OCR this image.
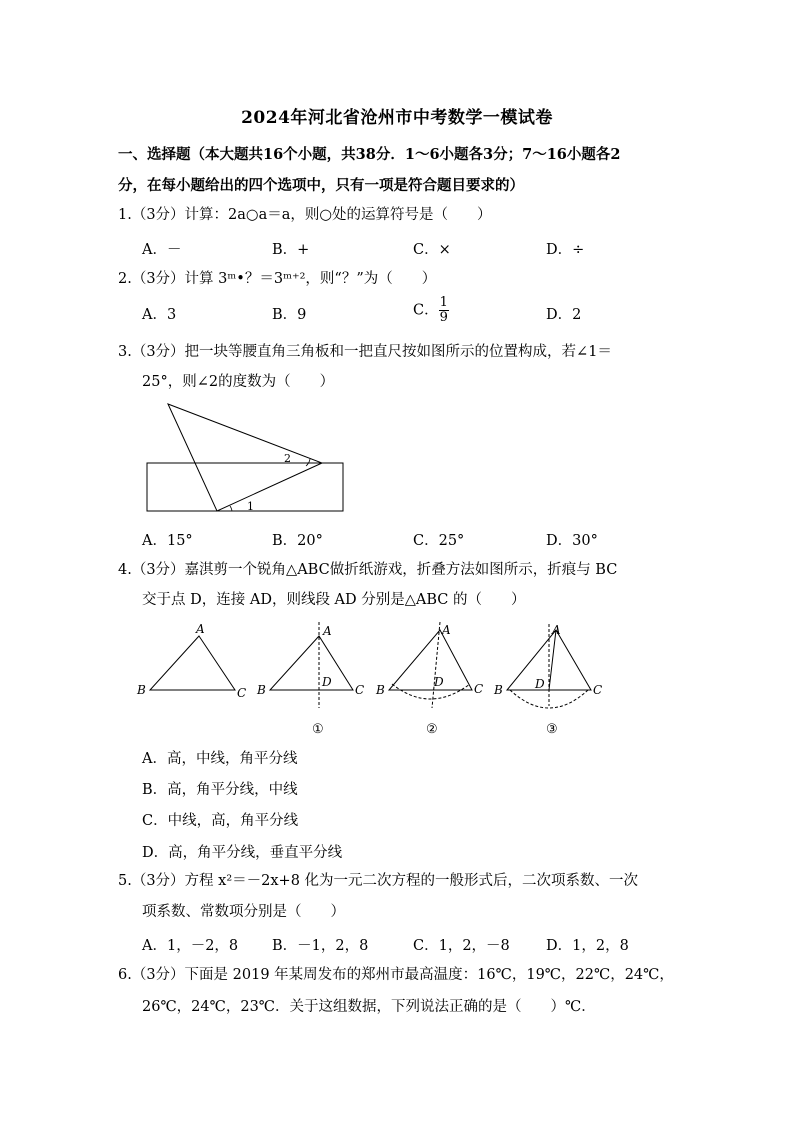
2024年河北省沧州市中考数学一模试卷
一、选择题（本大题共16个小题，共38分．1～6小题各3分；7～16小题各2
分，在每小题给出的四个选项中，只有一项是符合题目要求的）
1.（3分）计算：2a○a＝a，则○处的运算符号是（　　）
A．－	B．+	C．×	D．÷
2.（3分）计算 3ᵐ•？＝3ᵐ⁺²，则“？”为（　　）
A．3	B．9	C． $\frac{1}{9}$	D．2
3.（3分）把一块等腰直角三角板和一把直尺按如图所示的位置构成，若∠1＝
25°，则∠2的度数为（　　）
2
1
A．15°	B．20°	C．25°	D．30°
4.（3分）嘉淇剪一个锐角△ABC做折纸游戏，折叠方法如图所示，折痕与 BC
交于点 D，连接 AD，则线段 AD 分别是△ABC 的（　　）
A
B	C
A
B	C
D
A
B	C
D
A
B	C
D
①	②	③
A．高，中线，角平分线
B．高，角平分线，中线
C．中线，高，角平分线
D．高，角平分线，垂直平分线
5.（3分）方程 x²＝－2x+8 化为一元二次方程的一般形式后，二次项系数、一次
项系数、常数项分别是（　　）
A．1，－2，8 B．－1，2，8	C．1，2，－8 D．1，2，8
6.（3分）下面是 2019 年某周发布的郑州市最高温度：16℃，19℃，22℃，24℃，
26℃，24℃，23℃．关于这组数据，下列说法正确的是（　　）℃．
